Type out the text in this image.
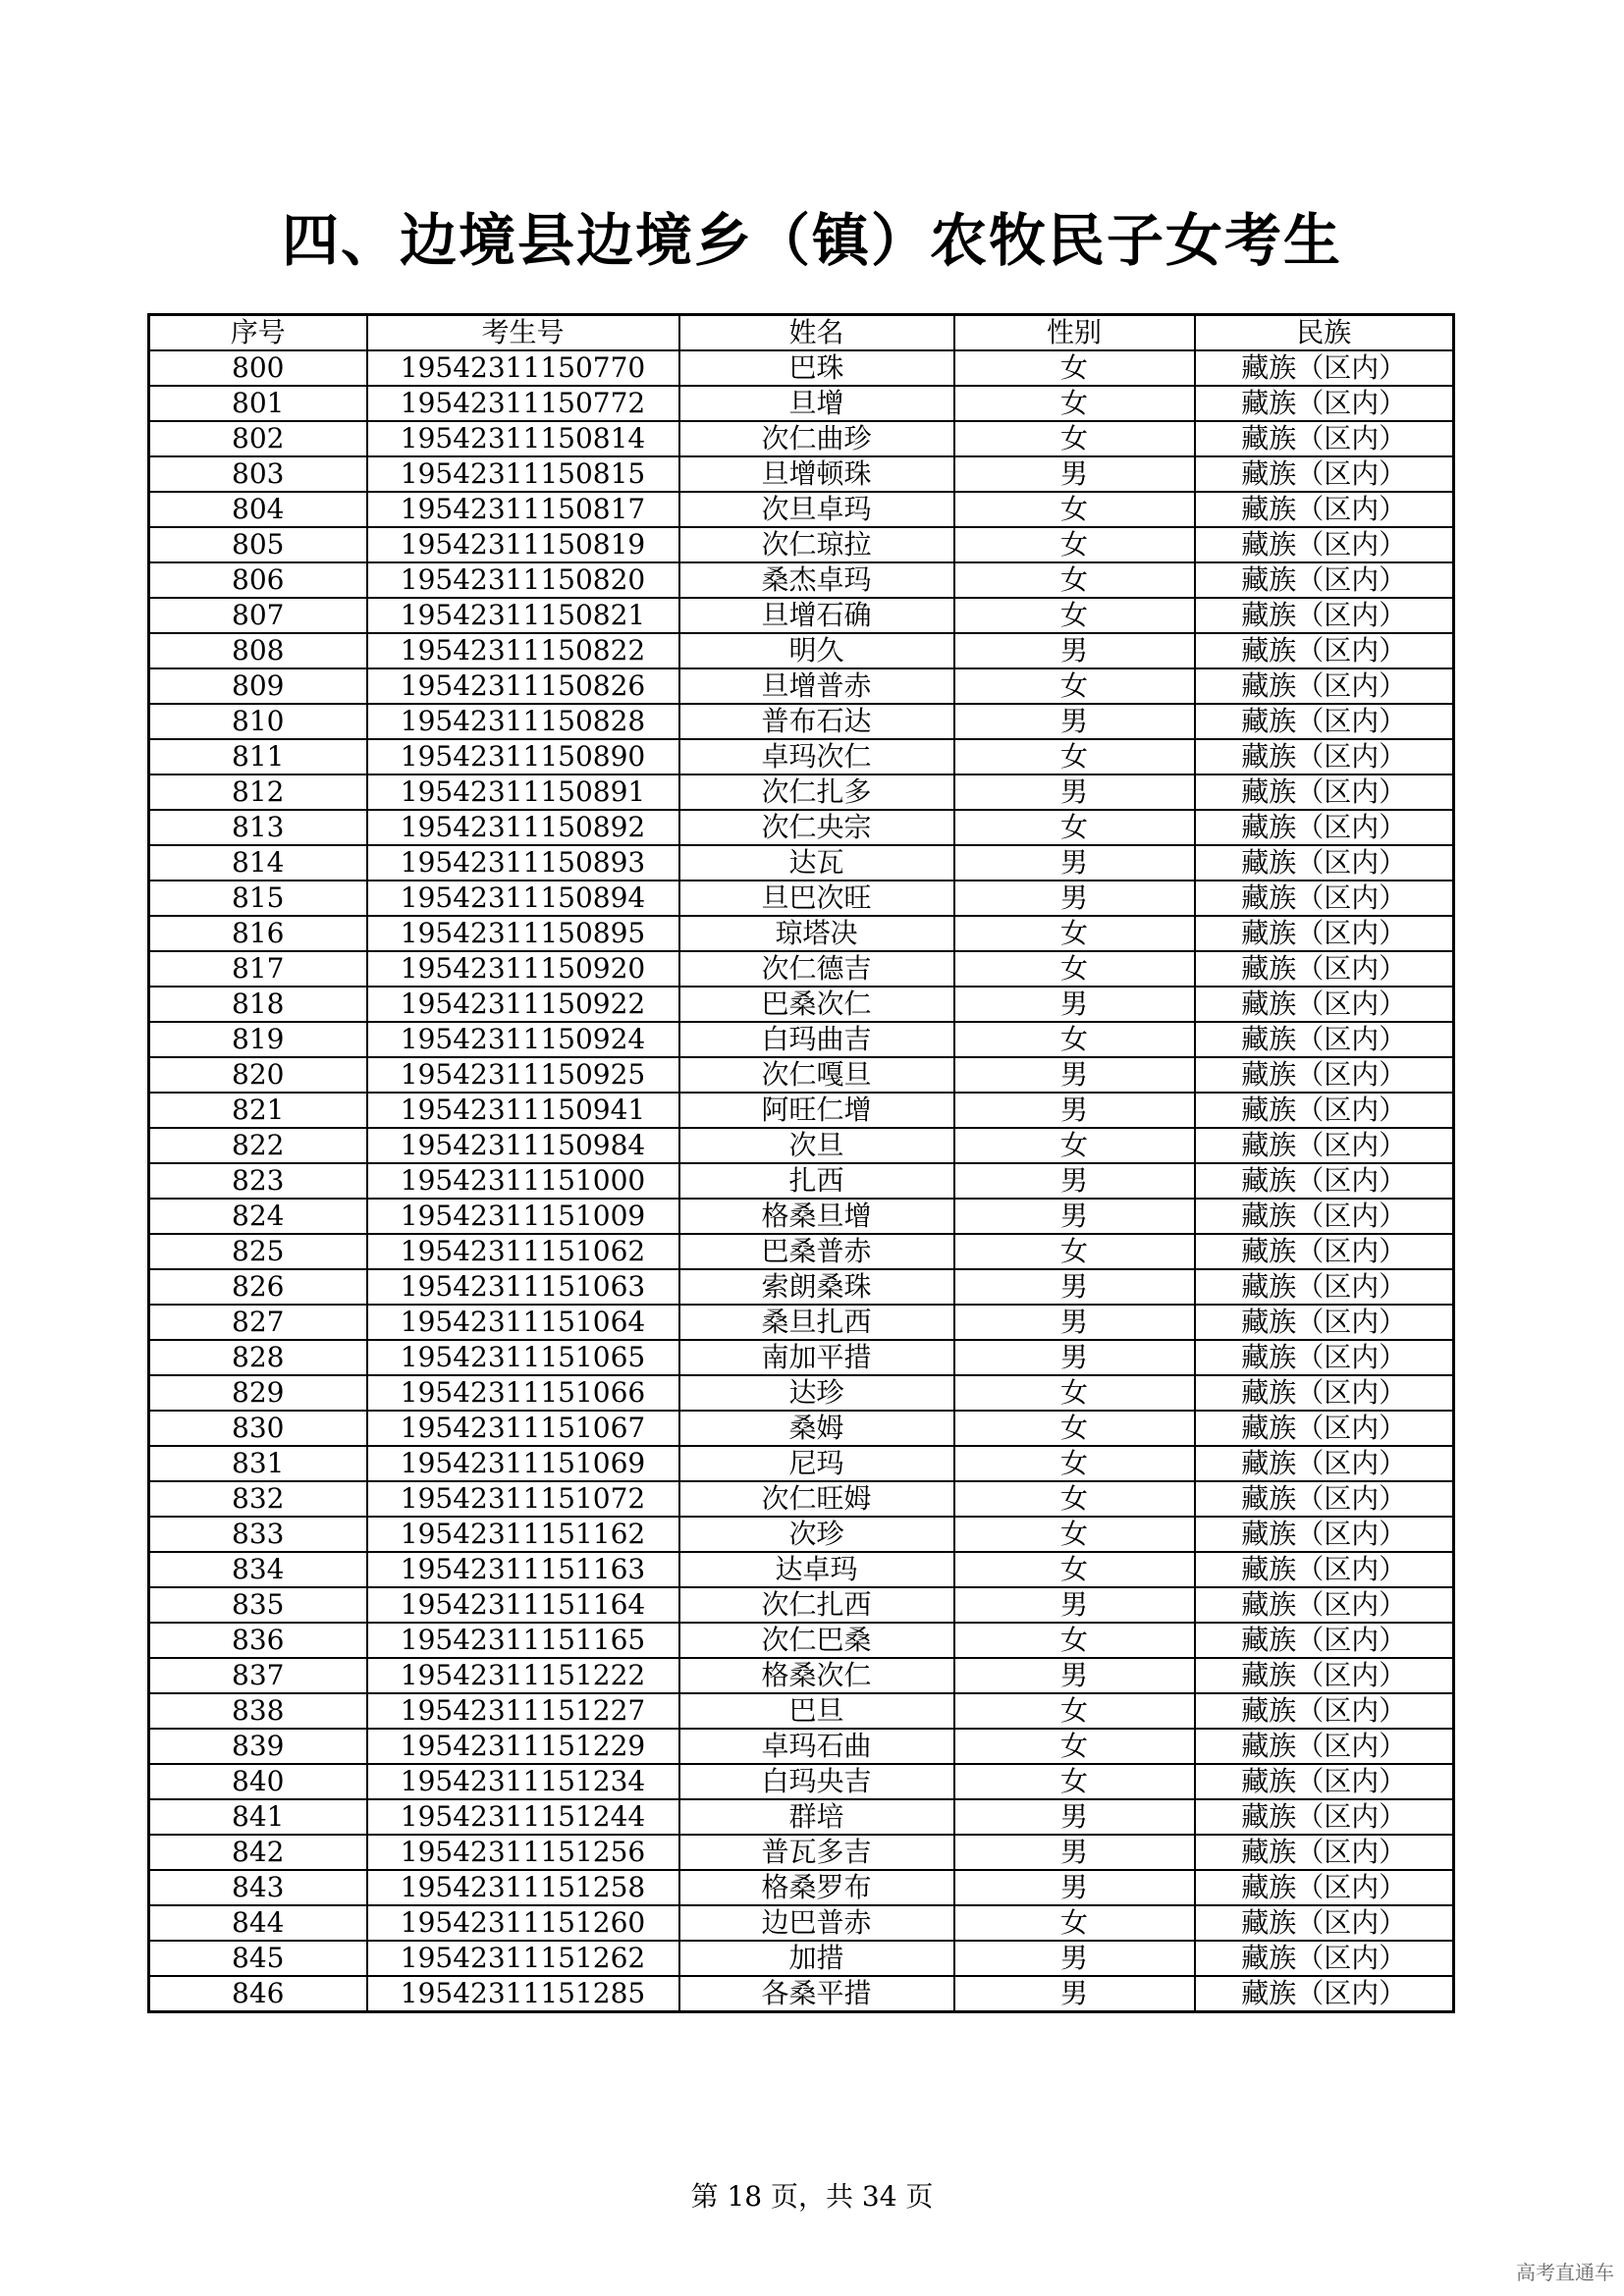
四、边境县边境乡（镇）农牧民子女考生
序号	考生号	姓名	性别	民族
800	19542311150770	巴珠	女	藏族（区内）
801	19542311150772	旦增	女	藏族（区内）
802	19542311150814	次仁曲珍	女	藏族（区内）
803	19542311150815	旦增顿珠	男	藏族（区内）
804	19542311150817	次旦卓玛	女	藏族（区内）
805	19542311150819	次仁琼拉	女	藏族（区内）
806	19542311150820	桑杰卓玛	女	藏族（区内）
807	19542311150821	旦增石确	女	藏族（区内）
808	19542311150822	明久	男	藏族（区内）
809	19542311150826	旦增普赤	女	藏族（区内）
810	19542311150828	普布石达	男	藏族（区内）
811	19542311150890	卓玛次仁	女	藏族（区内）
812	19542311150891	次仁扎多	男	藏族（区内）
813	19542311150892	次仁央宗	女	藏族（区内）
814	19542311150893	达瓦	男	藏族（区内）
815	19542311150894	旦巴次旺	男	藏族（区内）
816	19542311150895	琼塔决	女	藏族（区内）
817	19542311150920	次仁德吉	女	藏族（区内）
818	19542311150922	巴桑次仁	男	藏族（区内）
819	19542311150924	白玛曲吉	女	藏族（区内）
820	19542311150925	次仁嘎旦	男	藏族（区内）
821	19542311150941	阿旺仁增	男	藏族（区内）
822	19542311150984	次旦	女	藏族（区内）
823	19542311151000	扎西	男	藏族（区内）
824	19542311151009	格桑旦增	男	藏族（区内）
825	19542311151062	巴桑普赤	女	藏族（区内）
826	19542311151063	索朗桑珠	男	藏族（区内）
827	19542311151064	桑旦扎西	男	藏族（区内）
828	19542311151065	南加平措	男	藏族（区内）
829	19542311151066	达珍	女	藏族（区内）
830	19542311151067	桑姆	女	藏族（区内）
831	19542311151069	尼玛	女	藏族（区内）
832	19542311151072	次仁旺姆	女	藏族（区内）
833	19542311151162	次珍	女	藏族（区内）
834	19542311151163	达卓玛	女	藏族（区内）
835	19542311151164	次仁扎西	男	藏族（区内）
836	19542311151165	次仁巴桑	女	藏族（区内）
837	19542311151222	格桑次仁	男	藏族（区内）
838	19542311151227	巴旦	女	藏族（区内）
839	19542311151229	卓玛石曲	女	藏族（区内）
840	19542311151234	白玛央吉	女	藏族（区内）
841	19542311151244	群培	男	藏族（区内）
842	19542311151256	普瓦多吉	男	藏族（区内）
843	19542311151258	格桑罗布	男	藏族（区内）
844	19542311151260	边巴普赤	女	藏族（区内）
845	19542311151262	加措	男	藏族（区内）
846	19542311151285	各桑平措	男	藏族（区内）
第 18 页，共 34 页
高考直通车
